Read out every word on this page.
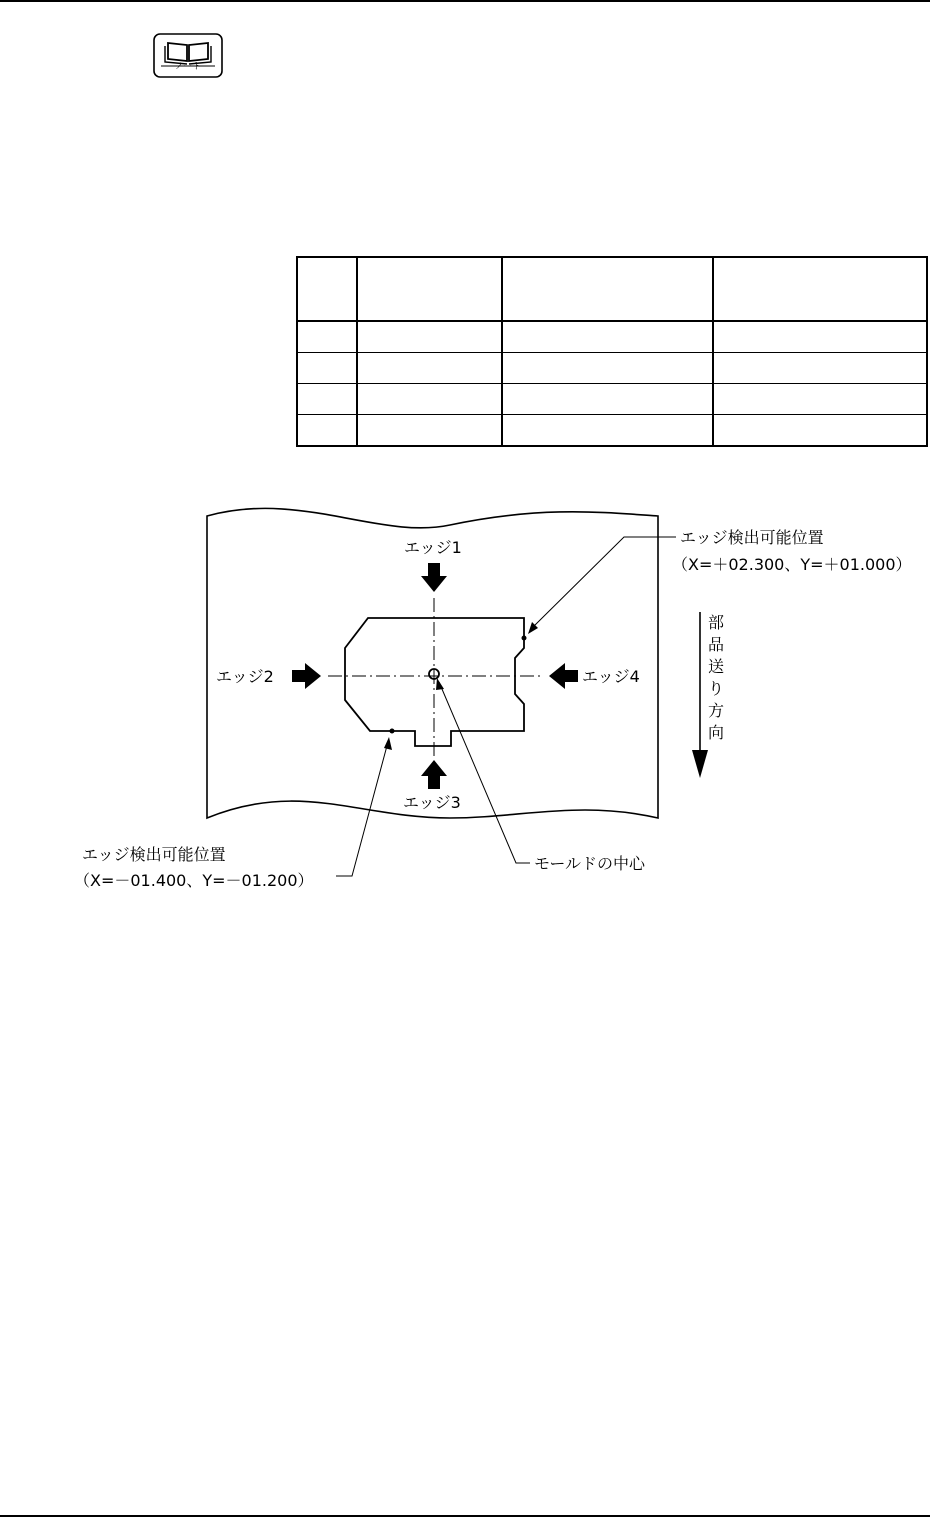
ノート

エッジ1
エッジ2
エッジ3
エッジ4
エッジ検出可能位置
（X=＋02.300、Y=＋01.000）
エッジ検出可能位置
（X=－01.400、Y=－01.200）
モールドの中心
部
品
送
り
方
向
